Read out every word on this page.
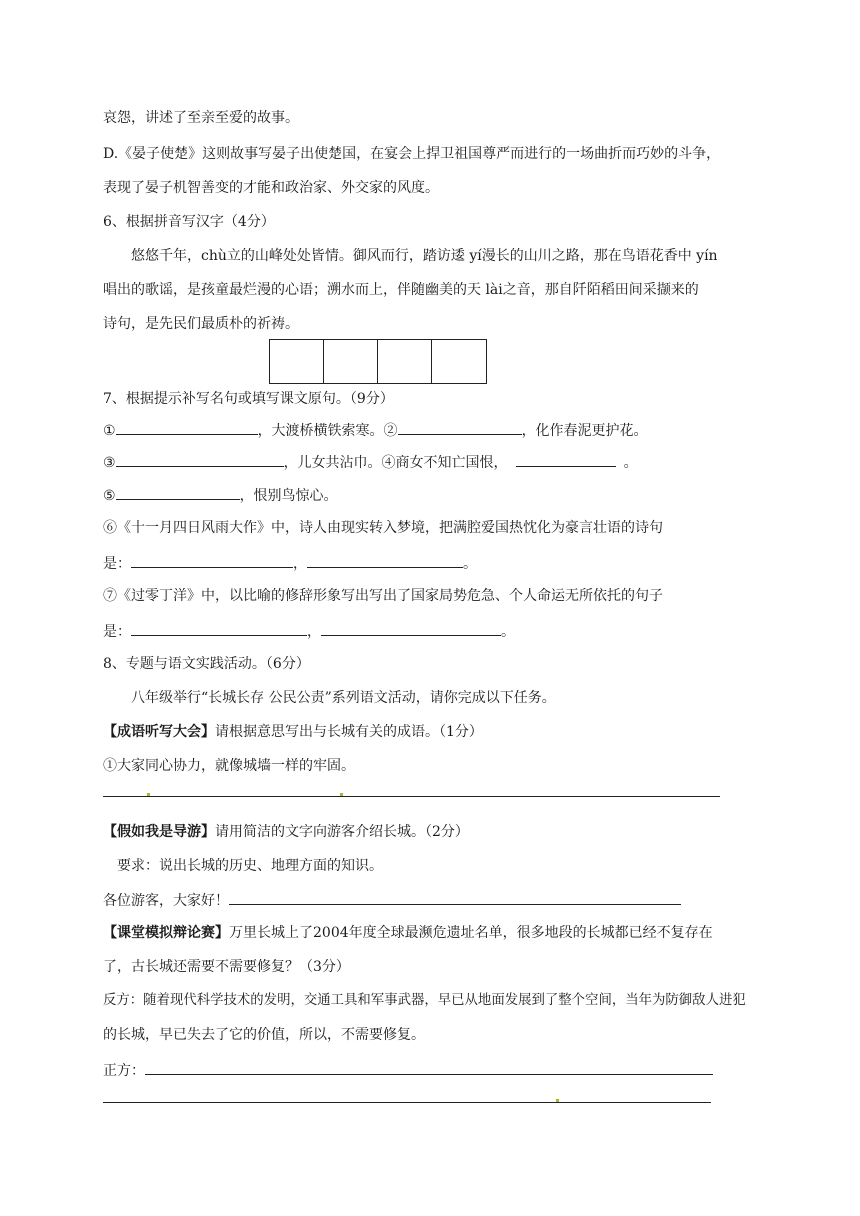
哀怨，讲述了至亲至爱的故事。
D.《晏子使楚》这则故事写晏子出使楚国，在宴会上捍卫祖国尊严而进行的一场曲折而巧妙的斗争，
表现了晏子机智善变的才能和政治家、外交家的风度。
6、根据拼音写汉字（4分）
悠悠千年，chù立的山峰处处皆情。御风而行，踏访逶 yí漫长的山川之路，那在鸟语花香中 yín
唱出的歌谣，是孩童最烂漫的心语；溯水而上，伴随幽美的天 lài之音，那自阡陌稻田间采撷来的
诗句，是先民们最质朴的祈祷。
7、根据提示补写名句或填写课文原句。（9分）
①	，大渡桥横铁索寒。②	，化作春泥更护花。
③	，儿女共沾巾。④商女不知亡国恨，	。
⑤	，恨别鸟惊心。
⑥《十一月四日风雨大作》中，诗人由现实转入梦境，把满腔爱国热忱化为豪言壮语的诗句
是：	，	。
⑦《过零丁洋》中，以比喻的修辞形象写出写出了国家局势危急、个人命运无所依托的句子
是：	，	。
8、专题与语文实践活动。（6分）
八年级举行“长城长存 公民公责”系列语文活动，请你完成以下任务。
【成语听写大会】请根据意思写出与长城有关的成语。（1分）
①大家同心协力，就像城墙一样的牢固。
【假如我是导游】请用简洁的文字向游客介绍长城。（2分）
要求：说出长城的历史、地理方面的知识。
各位游客，大家好！
【课堂模拟辩论赛】万里长城上了2004年度全球最濒危遗址名单，很多地段的长城都已经不复存在
了，古长城还需要不需要修复？（3分）
反方：随着现代科学技术的发明，交通工具和军事武器，早已从地面发展到了整个空间，当年为防御敌人进犯
的长城，早已失去了它的价值，所以，不需要修复。
正方：
